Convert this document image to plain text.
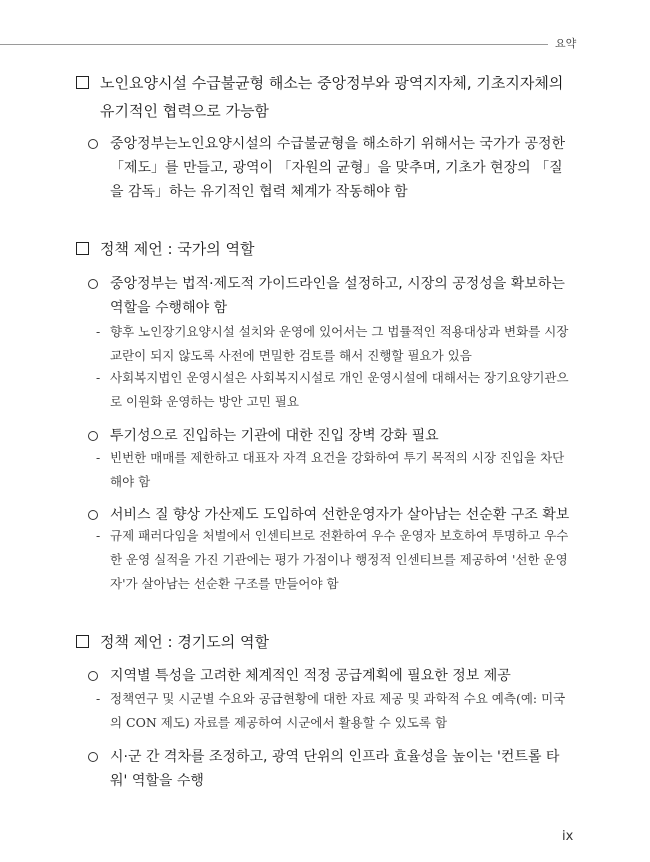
요약
노인요양시설 수급불균형 해소는 중앙정부와 광역지자체, 기초지자체의 유기적인 협력으로 가능함
중앙정부는노인요양시설의 수급불균형을 해소하기 위해서는 국가가 공정한 「제도」를 만들고, 광역이 「자원의 균형」을 맞추며, 기초가 현장의 「질을 감독」하는 유기적인 협력 체계가 작동해야 함
정책 제언 : 국가의 역할
중앙정부는 법적·제도적 가이드라인을 설정하고, 시장의 공정성을 확보하는 역할을 수행해야 함
- 향후 노인장기요양시설 설치와 운영에 있어서는 그 법률적인 적용대상과 변화를 시장 교란이 되지 않도록 사전에 면밀한 검토를 해서 진행할 필요가 있음
- 사회복지법인 운영시설은 사회복지시설로 개인 운영시설에 대해서는 장기요양기관으로 이원화 운영하는 방안 고민 필요
투기성으로 진입하는 기관에 대한 진입 장벽 강화 필요
- 빈번한 매매를 제한하고 대표자 자격 요건을 강화하여 투기 목적의 시장 진입을 차단해야 함
서비스 질 향상 가산제도 도입하여 선한운영자가 살아남는 선순환 구조 확보
- 규제 패러다임을 처벌에서 인센티브로 전환하여 우수 운영자 보호하여 투명하고 우수한 운영 실적을 가진 기관에는 평가 가점이나 행정적 인센티브를 제공하여 '선한 운영자'가 살아남는 선순환 구조를 만들어야 함
정책 제언 : 경기도의 역할
지역별 특성을 고려한 체계적인 적정 공급계획에 필요한 정보 제공
- 정책연구 및 시군별 수요와 공급현황에 대한 자료 제공 및 과학적 수요 예측(예: 미국의 CON 제도) 자료를 제공하여 시군에서 활용할 수 있도록 함
시·군 간 격차를 조정하고, 광역 단위의 인프라 효율성을 높이는 '컨트롤 타워' 역할을 수행
ix
